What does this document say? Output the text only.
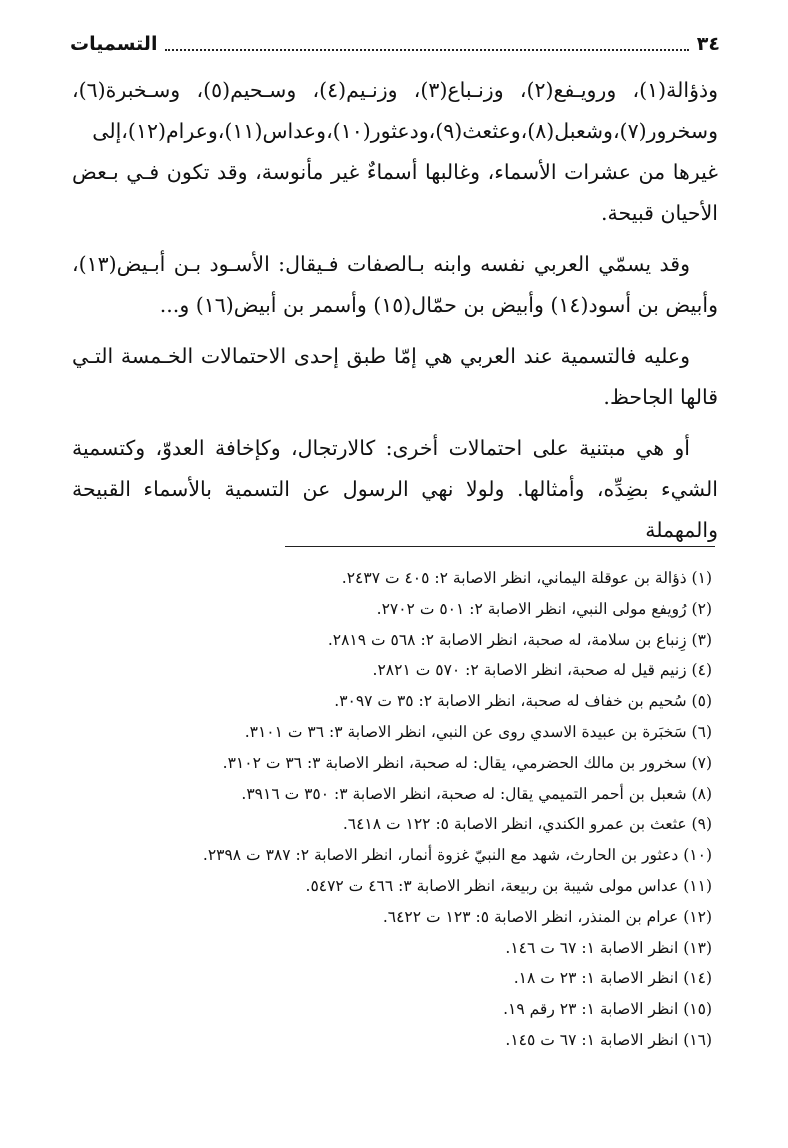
٣٤
التسميات

وذؤالة(١)، ورويـفع(٢)، وزنـباع(٣)، وزنـيم(٤)، وسـحيم(٥)، وسـخبرة(٦)، وسخرور(٧)،وشعبل(٨)،وعثعث(٩)،ودعثور(١٠)،وعداس(١١)،وعرام(١٢)،إلى غيرها من عشرات الأسماء، وغالبها أسماءٌ غير مأنوسة، وقد تكون فـي بـعض الأحيان قبيحة.

وقد يسمّي العربي نفسه وابنه بـالصفات فـيقال: الأسـود بـن أبـيض(١٣)، وأبيض بن أسود(١٤) وأبيض بن حمّال(١٥) وأسمر بن أبيض(١٦) و...

وعليه فالتسمية عند العربي هي إمّا طبق إحدى الاحتمالات الخـمسة التـي قالها الجاحظ.

أو هي مبتنية على احتمالات أخرى: كالارتجال، وكإخافة العدوّ، وكتسمية الشيء بضِدِّه، وأمثالها. ولولا نهي الرسول عن التسمية بالأسماء القبيحة والمهملة

(١) ذؤالة بن عوقلة اليماني، انظر الاصابة ٢: ٤٠٥ ت ٢٤٣٧.
(٢) رُويفع مولى النبي، انظر الاصابة ٢: ٥٠١ ت ٢٧٠٢.
(٣) زِنباع بن سلامة، له صحبة، انظر الاصابة ٢: ٥٦٨ ت ٢٨١٩.
(٤) زنيم قيل له صحبة، انظر الاصابة ٢: ٥٧٠ ت ٢٨٢١.
(٥) سُحيم بن خفاف له صحبة، انظر الاصابة ٢: ٣٥ ت ٣٠٩٧.
(٦) سَخبَرة بن عبيدة الاسدي روى عن النبي، انظر الاصابة ٣: ٣٦ ت ٣١٠١.
(٧) سخرور بن مالك الحضرمي، يقال: له صحبة، انظر الاصابة ٣: ٣٦ ت ٣١٠٢.
(٨) شعبل بن أحمر التميمي يقال: له صحبة، انظر الاصابة ٣: ٣٥٠ ت ٣٩١٦.
(٩) عثعث بن عمرو الكندي، انظر الاصابة ٥: ١٢٢ ت ٦٤١٨.
(١٠) دعثور بن الحارث، شهد مع النبيّ غزوة أنمار، انظر الاصابة ٢: ٣٨٧ ت ٢٣٩٨.
(١١) عداس مولى شيبة بن ربيعة، انظر الاصابة ٣: ٤٦٦ ت ٥٤٧٢.
(١٢) عرام بن المنذر، انظر الاصابة ٥: ١٢٣ ت ٦٤٢٢.
(١٣) انظر الاصابة ١: ٦٧ ت ١٤٦.
(١٤) انظر الاصابة ١: ٢٣ ت ١٨.
(١٥) انظر الاصابة ١: ٢٣ رقم ١٩.
(١٦) انظر الاصابة ١: ٦٧ ت ١٤٥.
